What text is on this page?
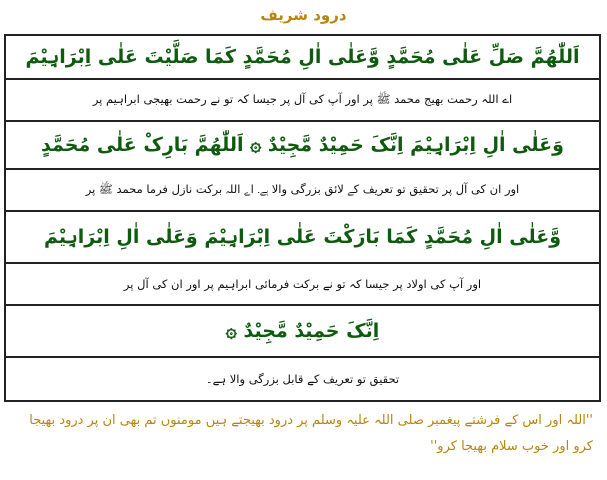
درود شریف
اَللّٰھُمَّ صَلِّ عَلٰی مُحَمَّدٍ وَّعَلٰی اٰلِ مُحَمَّدٍ کَمَا صَلَّیْتَ عَلٰی اِبْرَاہِیْمَ
اے اللہ رحمت بھیج محمد ﷺ پر اور آپ کی آل پر جیسا کہ تو نے رحمت بھیجی ابراہیم پر
وَعَلٰی اٰلِ اِبْرَاہِیْمَ اِنَّکَ حَمِیْدٌ مَّجِیْدٌ ۞ اَللّٰھُمَّ بَارِکْ عَلٰی مُحَمَّدٍ
اور ان کی آل پر تحقیق تو تعریف کے لائق بزرگی والا ہے۔ اے اللہ برکت نازل فرما محمد ﷺ پر
وَّعَلٰی اٰلِ مُحَمَّدٍ کَمَا بَارَکْتَ عَلٰی اِبْرَاہِیْمَ وَعَلٰی اٰلِ اِبْرَاہِیْمَ
اور آپ کی اولاد پر جیسا کہ تو نے برکت فرمائی ابراہیم پر اور ان کی آل پر
اِنَّکَ حَمِیْدٌ مَّجِیْدٌ ۞
تحقیق تو تعریف کے قابل بزرگی والا ہے۔
''اللہ اور اس کے فرشتے پیغمبر صلی اللہ علیہ وسلم پر درود بھیجتے ہیں مومنوں تم بھی ان پر درود بھیجا کرو اور خوب سلام بھیجا کرو''
